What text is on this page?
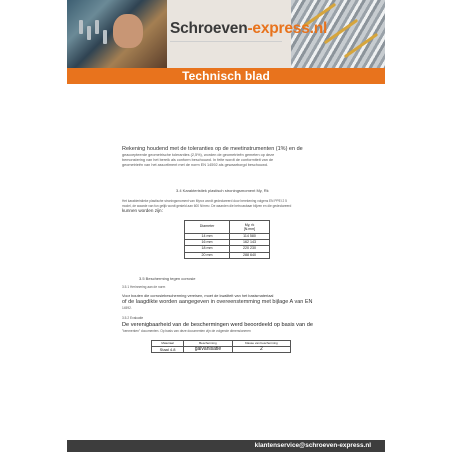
Schroeven-express.nl
Technisch blad
Rekening houdend met de toleranties op de meetinstrumenten (1%) en de
geaccepteerde geometrische toleranties (2,5%), worden de geometrieën gemeten op deze
bemonstering van het bereik als conform beschouwd. In feite wordt de conformiteit van de
geometrieën van het assortiment met de norm EN 14592 als gewaarborgd beschouwd.
3.4 Karakteristiek plastisch stroningsmoment My, Rk
Het karakteristieke plastische stroningsmoment van Myrcx wordt gedeclareerd door berekening volgens EN PPEI 2 5
model, de waarde van fun gelijk wordt gesteld aan 600 N/mm². De waarden die betrouwbaar blijven en die gedeclareerd
kunnen worden zijn:
Diameter	My, rk
[N.mm]
14 mm	114 580
16 mm	162 143
18 mm	220 230
20 mm	288 640
3.5 Bescherming tegen corrosie
3.5.1 Herinnering aan de norm
Voor bouten die corrosiebescherming vereisen, moet de kwaliteit van het basismateriaal
of de laagdikte worden aangegeven in overeenstemming met bijlage A van EN
14592.
3.5.2 Evaluatie
De verenigbaarheid van de beschermingen werd beoordeeld op basis van de
"kenmerken" documenten. Op basis van deze documenten zijn de volgende dimensioneren
Materiaal	Bescherming	Klasse van bescherming
Staal 4.8	galvanisatie	2
klantenservice@schroeven-express.nl
